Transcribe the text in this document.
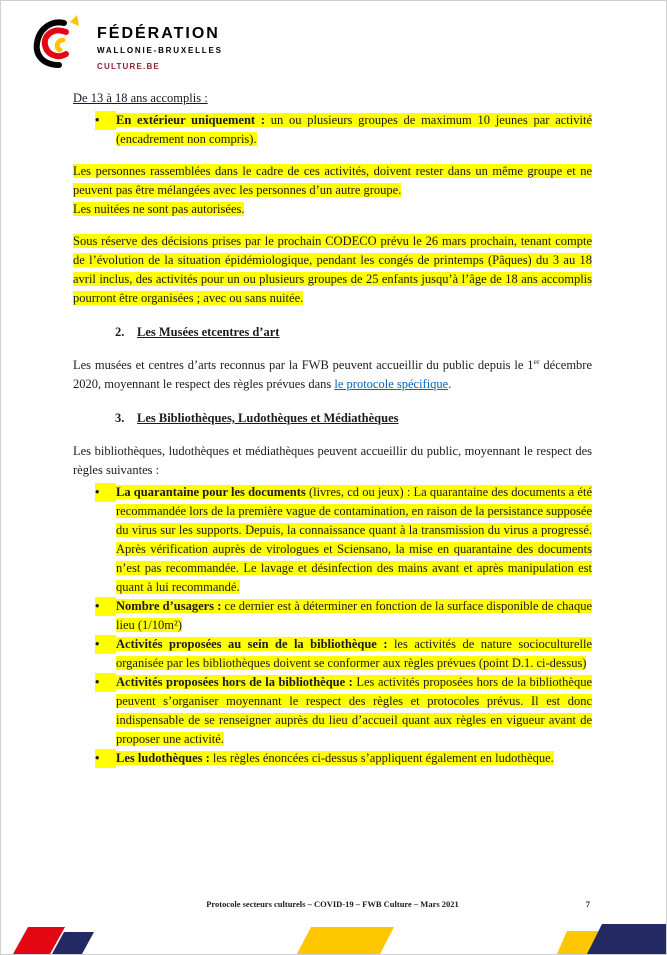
FÉDÉRATION
WALLONIE-BRUXELLES
CULTURE.BE

De 13 à 18 ans accomplis :

•	En extérieur uniquement : un ou plusieurs groupes de maximum 10 jeunes par activité (encadrement non compris).

Les personnes rassemblées dans le cadre de ces activités, doivent rester dans un même groupe et ne peuvent pas être mélangées avec les personnes d’un autre groupe.
Les nuitées ne sont pas autorisées.

Sous réserve des décisions prises par le prochain CODECO prévu le 26 mars prochain, tenant compte de l’évolution de la situation épidémiologique, pendant les congés de printemps (Pâques) du 3 au 18 avril inclus, des activités pour un ou plusieurs groupes de 25 enfants jusqu’à l’âge de 18 ans accomplis pourront être organisées ; avec ou sans nuitée.

2. Les Musées etcentres d’art

Les musées et centres d’arts reconnus par la FWB peuvent accueillir du public depuis le 1er décembre 2020, moyennant le respect des règles prévues dans le protocole spécifique.

3. Les Bibliothèques, Ludothèques et Médiathèques

Les bibliothèques, ludothèques et médiathèques peuvent accueillir du public, moyennant le respect des règles suivantes :

•	La quarantaine pour les documents (livres, cd ou jeux) : La quarantaine des documents a été recommandée lors de la première vague de contamination, en raison de la persistance supposée du virus sur les supports. Depuis, la connaissance quant à la transmission du virus a progressé. Après vérification auprès de virologues et Sciensano, la mise en quarantaine des documents n’est pas recommandée. Le lavage et désinfection des mains avant et après manipulation est quant à lui recommandé.
•	Nombre d’usagers : ce dernier est à déterminer en fonction de la surface disponible de chaque lieu (1/10m²)
•	Activités proposées au sein de la bibliothèque : les activités de nature socioculturelle organisée par les bibliothèques doivent se conformer aux règles prévues (point D.1. ci-dessus)
•	Activités proposées hors de la bibliothèque : Les activités proposées hors de la bibliothèque peuvent s’organiser moyennant le respect des règles et protocoles prévus. Il est donc indispensable de se renseigner auprès du lieu d’accueil quant aux règles en vigueur avant de proposer une activité.
•	Les ludothèques : les règles énoncées ci-dessus s’appliquent également en ludothèque.
Protocole secteurs culturels – COVID-19 – FWB Culture – Mars 2021	7
